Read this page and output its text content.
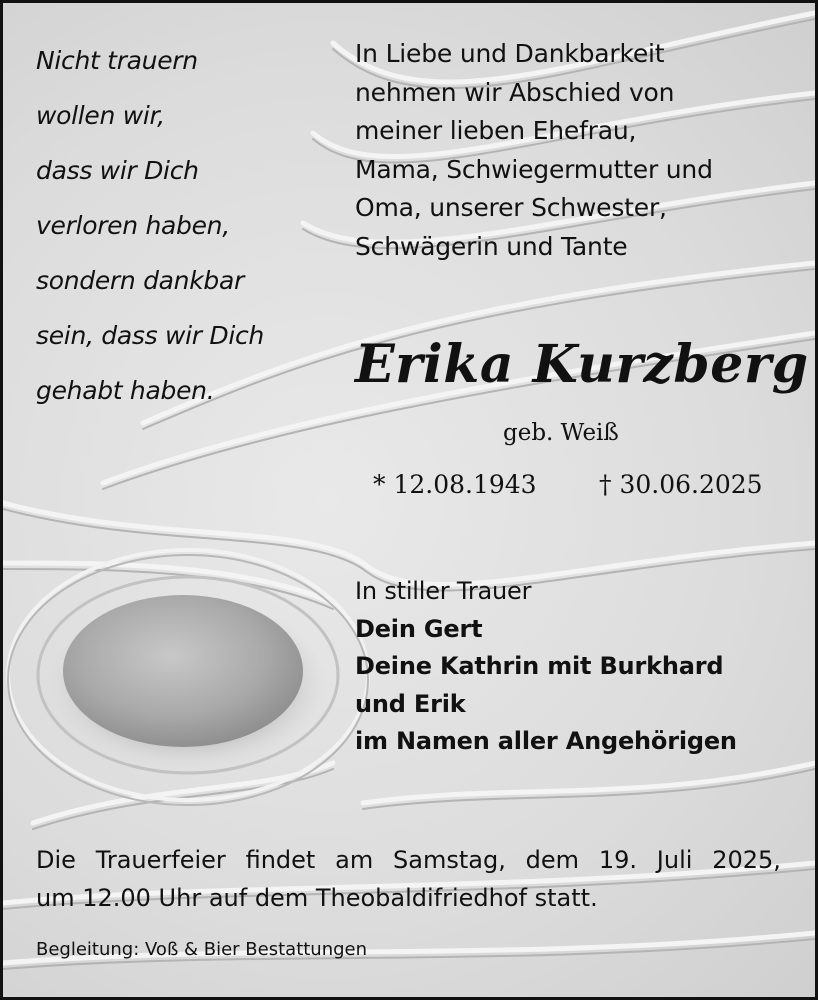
Nicht trauern
wollen wir,
dass wir Dich
verloren haben,
sondern dankbar
sein, dass wir Dich
gehabt haben.
In Liebe und Dankbarkeit
nehmen wir Abschied von
meiner lieben Ehefrau,
Mama, Schwiegermutter und
Oma, unserer Schwester,
Schwägerin und Tante
Erika Kurzberg
geb. Weiß
* 12.08.1943 † 30.06.2025
In stiller Trauer
Dein Gert
Deine Kathrin mit Burkhard
und Erik
im Namen aller Angehörigen
Die Trauerfeier findet am Samstag, dem 19. Juli 2025,
um 12.00 Uhr auf dem Theobaldifriedhof statt.
Begleitung: Voß & Bier Bestattungen
